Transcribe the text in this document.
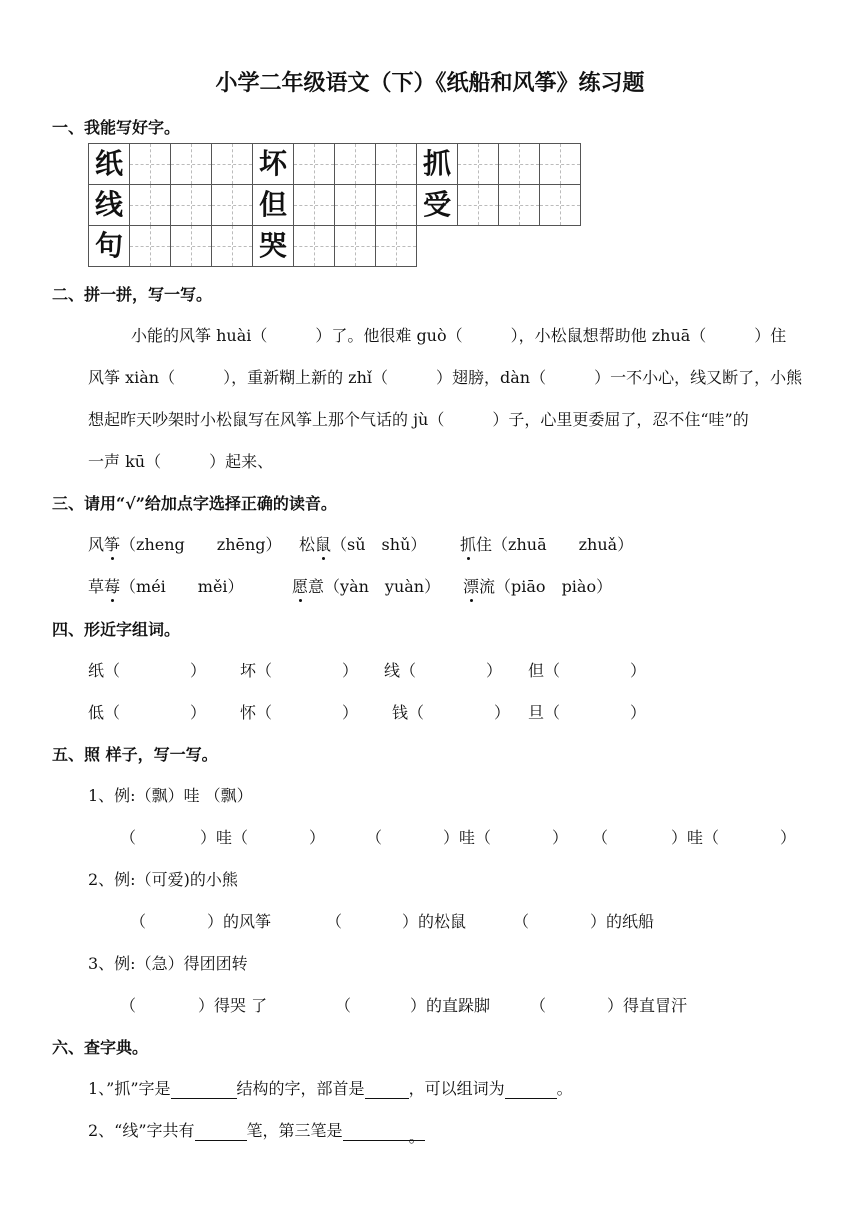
小学二年级语文（下）《纸船和风筝》练习题
一、我能写好字。
纸				坏				抓			
线				但				受			
句				哭			
二、拼一拼，写一写。
小能的风筝 huài（　　　）了。他很难 guò（　　　），小松鼠想帮助他 zhuā（　　　）住
风筝 xiàn（　　　），重新糊上新的 zhǐ（　　　）翅膀，dàn（　　　）一不小心，线又断了，小熊
想起昨天吵架时小松鼠写在风筝上那个气话的 jù（　　　）子，心里更委屈了，忍不住“哇”的
一声 kū（　　　）起来、
三、请用“√”给加点字选择正确的读音。
风筝（zheng　　zhēng） 松鼠（sǔ　shǔ） 抓住（zhuā　　zhuǎ）
草莓（méi　　měi）	愿意（yàn　yuàn） 漂流（piāo　piào）
四、形近字组词。
纸（	） 坏（	） 线（	） 但（	）
低（	） 怀（	） 钱（	） 旦（	）
五、照 样子，写一写。
1、例:（飘）哇 （飘）
（	）哇（	）	（	）哇（	） （	）哇（	）
2、例:（可爱)的小熊
（	）的风筝	（	）的松鼠	（	）的纸船
3、例:（急）得团团转
（	）得哭 了	（	）的直跺脚 （	）得直冒汗
六、查字典。
1、”抓”字是	结构的字，部首是	，可以组词为	。
2、“线”字共有	笔，第三笔是	。
